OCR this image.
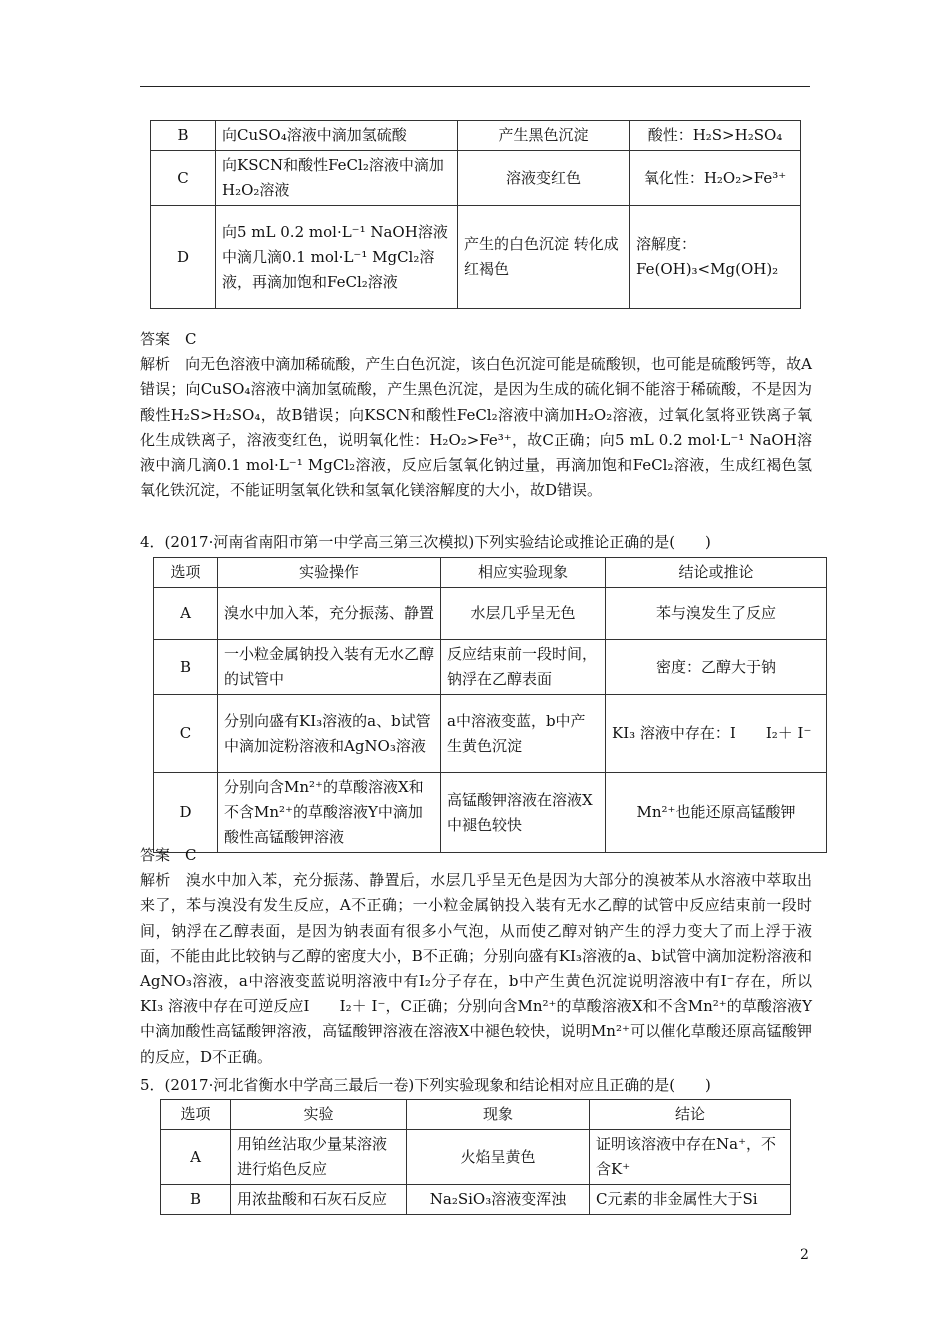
B	向CuSO₄溶液中滴加氢硫酸	产生黑色沉淀	酸性：H₂S>H₂SO₄
C	向KSCN和酸性FeCl₂溶液中滴加H₂O₂溶液	溶液变红色	氧化性：H₂O₂>Fe³⁺
D	向5 mL 0.2 mol·L⁻¹ NaOH溶液中滴几滴0.1 mol·L⁻¹ MgCl₂溶液，再滴加饱和FeCl₂溶液	产生的白色沉淀 转化成红褐色	溶解度：Fe(OH)₃<Mg(OH)₂

答案　C

解析　向无色溶液中滴加稀硫酸，产生白色沉淀，该白色沉淀可能是硫酸钡，也可能是硫酸钙等，故A错误；向CuSO₄溶液中滴加氢硫酸，产生黑色沉淀，是因为生成的硫化铜不能溶于稀硫酸，不是因为酸性H₂S>H₂SO₄，故B错误；向KSCN和酸性FeCl₂溶液中滴加H₂O₂溶液，过氧化氢将亚铁离子氧化生成铁离子，溶液变红色，说明氧化性：H₂O₂>Fe³⁺，故C正确；向5 mL 0.2 mol·L⁻¹ NaOH溶液中滴几滴0.1 mol·L⁻¹ MgCl₂溶液，反应后氢氧化钠过量，再滴加饱和FeCl₂溶液，生成红褐色氢氧化铁沉淀，不能证明氢氧化铁和氢氧化镁溶解度的大小，故D错误。

4．(2017·河南省南阳市第一中学高三第三次模拟)下列实验结论或推论正确的是(　　)
选项	实验操作	相应实验现象	结论或推论
A	溴水中加入苯，充分振荡、静置	水层几乎呈无色	苯与溴发生了反应
B	一小粒金属钠投入装有无水乙醇的试管中	反应结束前一段时间，钠浮在乙醇表面	密度：乙醇大于钠
C	分别向盛有KI₃溶液的a、b试管中滴加淀粉溶液和AgNO₃溶液	a中溶液变蓝，b中产生黄色沉淀	KI₃ 溶液中存在：I　　I₂＋ I⁻
D	分别向含Mn²⁺的草酸溶液X和不含Mn²⁺的草酸溶液Y中滴加酸性高锰酸钾溶液	高锰酸钾溶液在溶液X中褪色较快	Mn²⁺也能还原高锰酸钾

答案　C

解析　溴水中加入苯，充分振荡、静置后，水层几乎呈无色是因为大部分的溴被苯从水溶液中萃取出来了，苯与溴没有发生反应，A不正确；一小粒金属钠投入装有无水乙醇的试管中反应结束前一段时间，钠浮在乙醇表面，是因为钠表面有很多小气泡，从而使乙醇对钠产生的浮力变大了而上浮于液面，不能由此比较钠与乙醇的密度大小，B不正确；分别向盛有KI₃溶液的a、b试管中滴加淀粉溶液和AgNO₃溶液，a中溶液变蓝说明溶液中有I₂分子存在，b中产生黄色沉淀说明溶液中有I⁻存在，所以KI₃ 溶液中存在可逆反应I　　I₂＋ I⁻，C正确；分别向含Mn²⁺的草酸溶液X和不含Mn²⁺的草酸溶液Y中滴加酸性高锰酸钾溶液，高锰酸钾溶液在溶液X中褪色较快，说明Mn²⁺可以催化草酸还原高锰酸钾的反应，D不正确。

5．(2017·河北省衡水中学高三最后一卷)下列实验现象和结论相对应且正确的是(　　)
选项	实验	现象	结论
A	用铂丝沾取少量某溶液进行焰色反应	火焰呈黄色	证明该溶液中存在Na⁺，不含K⁺
B	用浓盐酸和石灰石反应	Na₂SiO₃溶液变浑浊	C元素的非金属性大于Si
2
